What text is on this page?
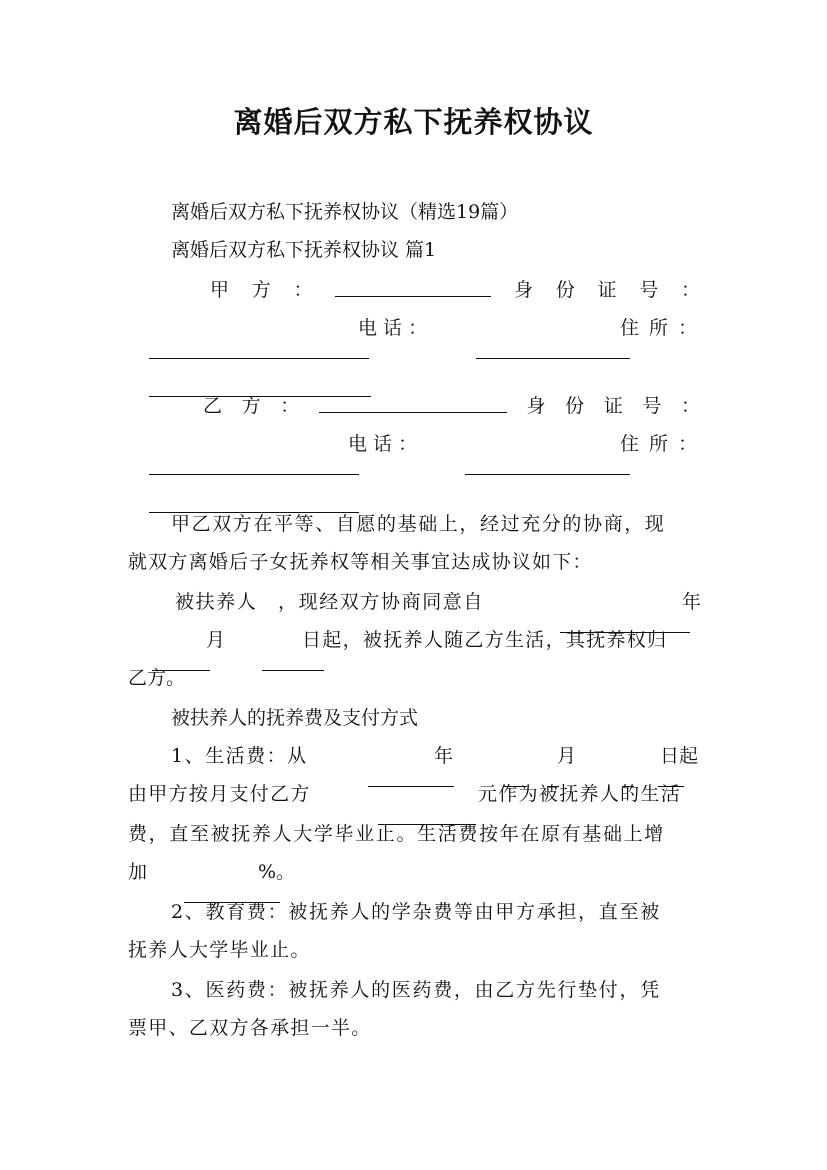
离婚后双方私下抚养权协议
离婚后双方私下抚养权协议（精选19篇）
离婚后双方私下抚养权协议 篇1
甲 方 ：	身 份 证 号 ：

电 话 ：

	住 所 ：

乙 方 ：	身 份 证 号 ：

电 话 ：

	住 所 ：

甲乙双方在平等、自愿的基础上，经过充分的协商，现
就双方离婚后子女抚养权等相关事宜达成协议如下：
被扶养人　，现经双方协商同意自

	年

月

	日起，被抚养人随乙方生活，其抚养权归
乙方。
被扶养人的抚养费及支付方式
1、生活费：从

	年

	月

	日起
由甲方按月支付乙方

	元作为被抚养人的生活
费，直至被抚养人大学毕业止。生活费按年在原有基础上增
加

	%。
2、教育费：被抚养人的学杂费等由甲方承担，直至被
抚养人大学毕业止。
3、医药费：被抚养人的医药费，由乙方先行垫付，凭
票甲、乙双方各承担一半。
